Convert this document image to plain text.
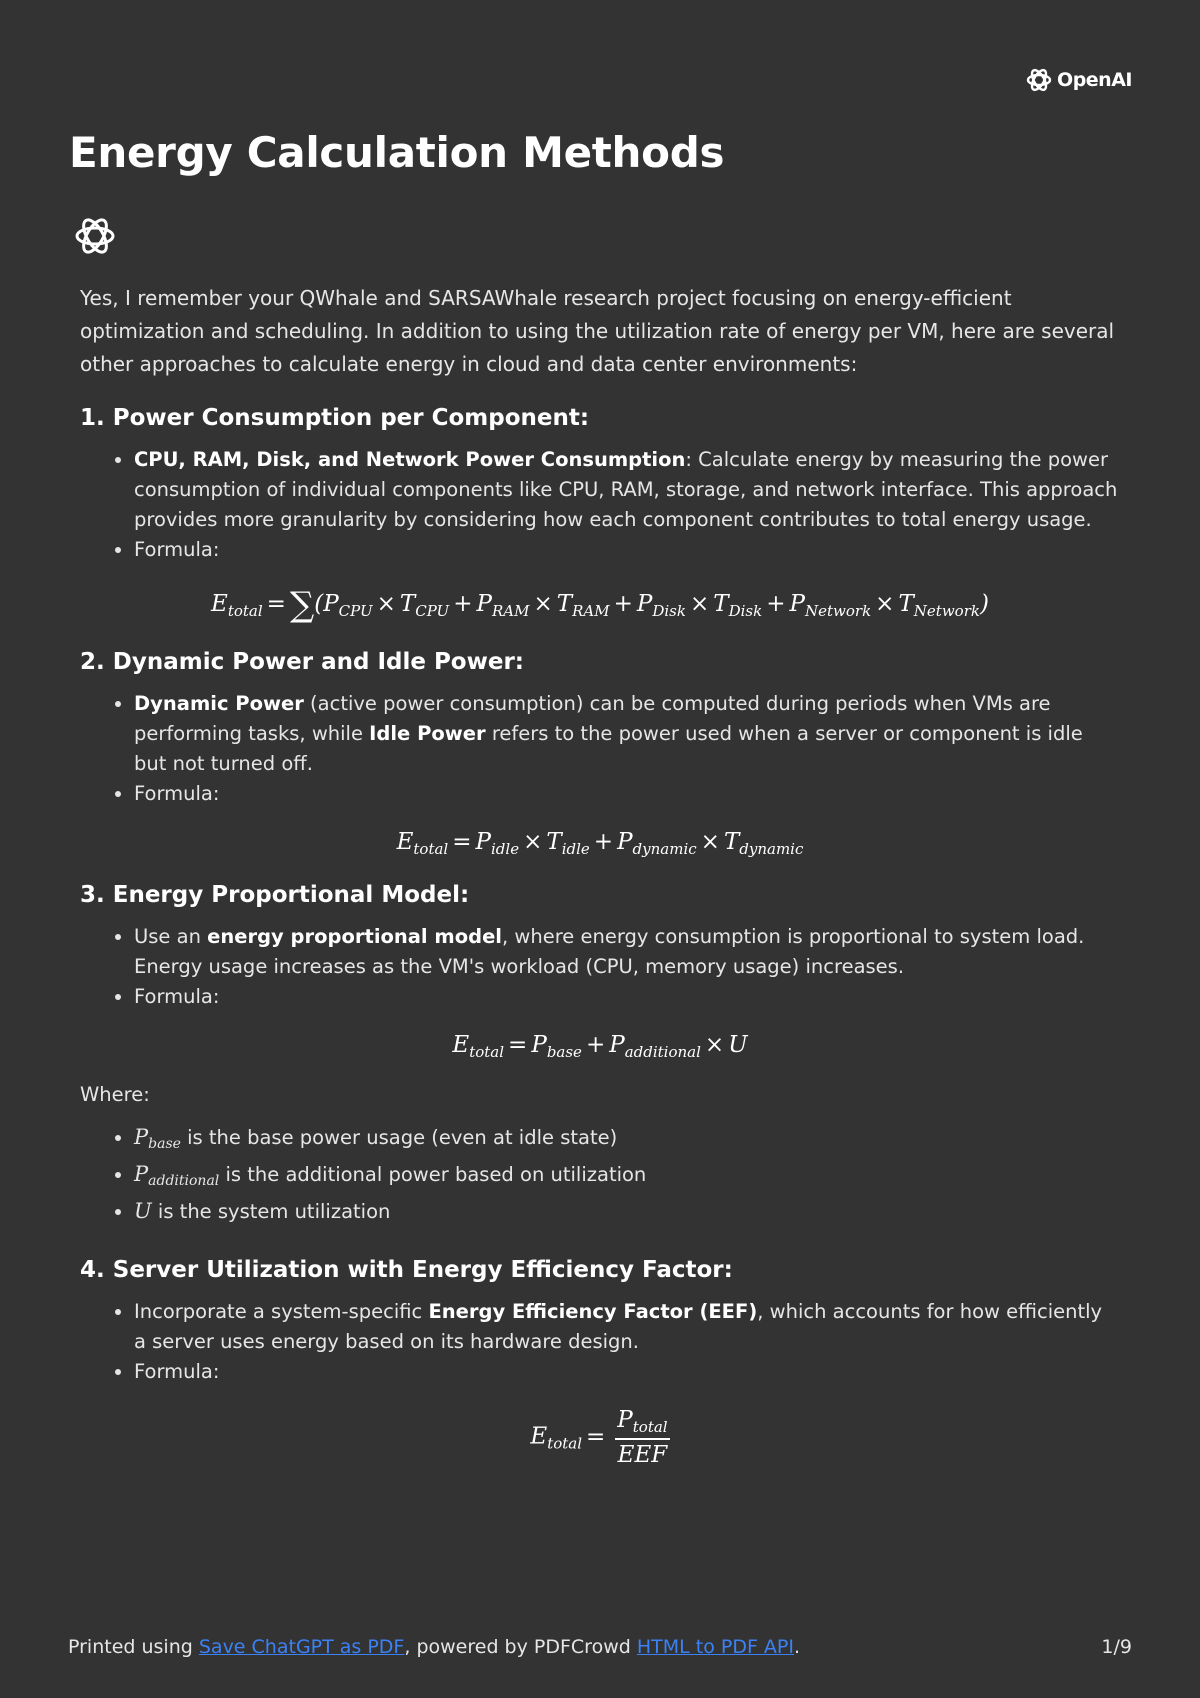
OpenAI
Energy Calculation Methods

Yes, I remember your QWhale and SARSAWhale research project focusing on energy-efficient optimization and scheduling. In addition to using the utilization rate of energy per VM, here are several other approaches to calculate energy in cloud and data center environments:

1. Power Consumption per Component:
• CPU, RAM, Disk, and Network Power Consumption: Calculate energy by measuring the power consumption of individual components like CPU, RAM, storage, and network interface. This approach provides more granularity by considering how each component contributes to total energy usage.
• Formula:
$E_{total} = \sum(P_{CPU} \times T_{CPU} + P_{RAM} \times T_{RAM} + P_{Disk} \times T_{Disk} + P_{Network} \times T_{Network})$
2. Dynamic Power and Idle Power:
• Dynamic Power (active power consumption) can be computed during periods when VMs are performing tasks, while Idle Power refers to the power used when a server or component is idle but not turned off.
• Formula:
$E_{total} = P_{idle} \times T_{idle} + P_{dynamic} \times T_{dynamic}$
3. Energy Proportional Model:
• Use an energy proportional model, where energy consumption is proportional to system load. Energy usage increases as the VM's workload (CPU, memory usage) increases.
• Formula:
$E_{total} = P_{base} + P_{additional} \times U$

Where:

• $P_{base}$ is the base power usage (even at idle state)
• $P_{additional}$ is the additional power based on utilization
• U is the system utilization
4. Server Utilization with Energy Efficiency Factor:
• Incorporate a system-specific Energy Efficiency Factor (EEF), which accounts for how efficiently a server uses energy based on its hardware design.
• Formula:
$E_{total} = \frac{P_{total}}{\text{EEF}}$
Printed using Save ChatGPT as PDF, powered by PDFCrowd HTML to PDF API.	1/9
